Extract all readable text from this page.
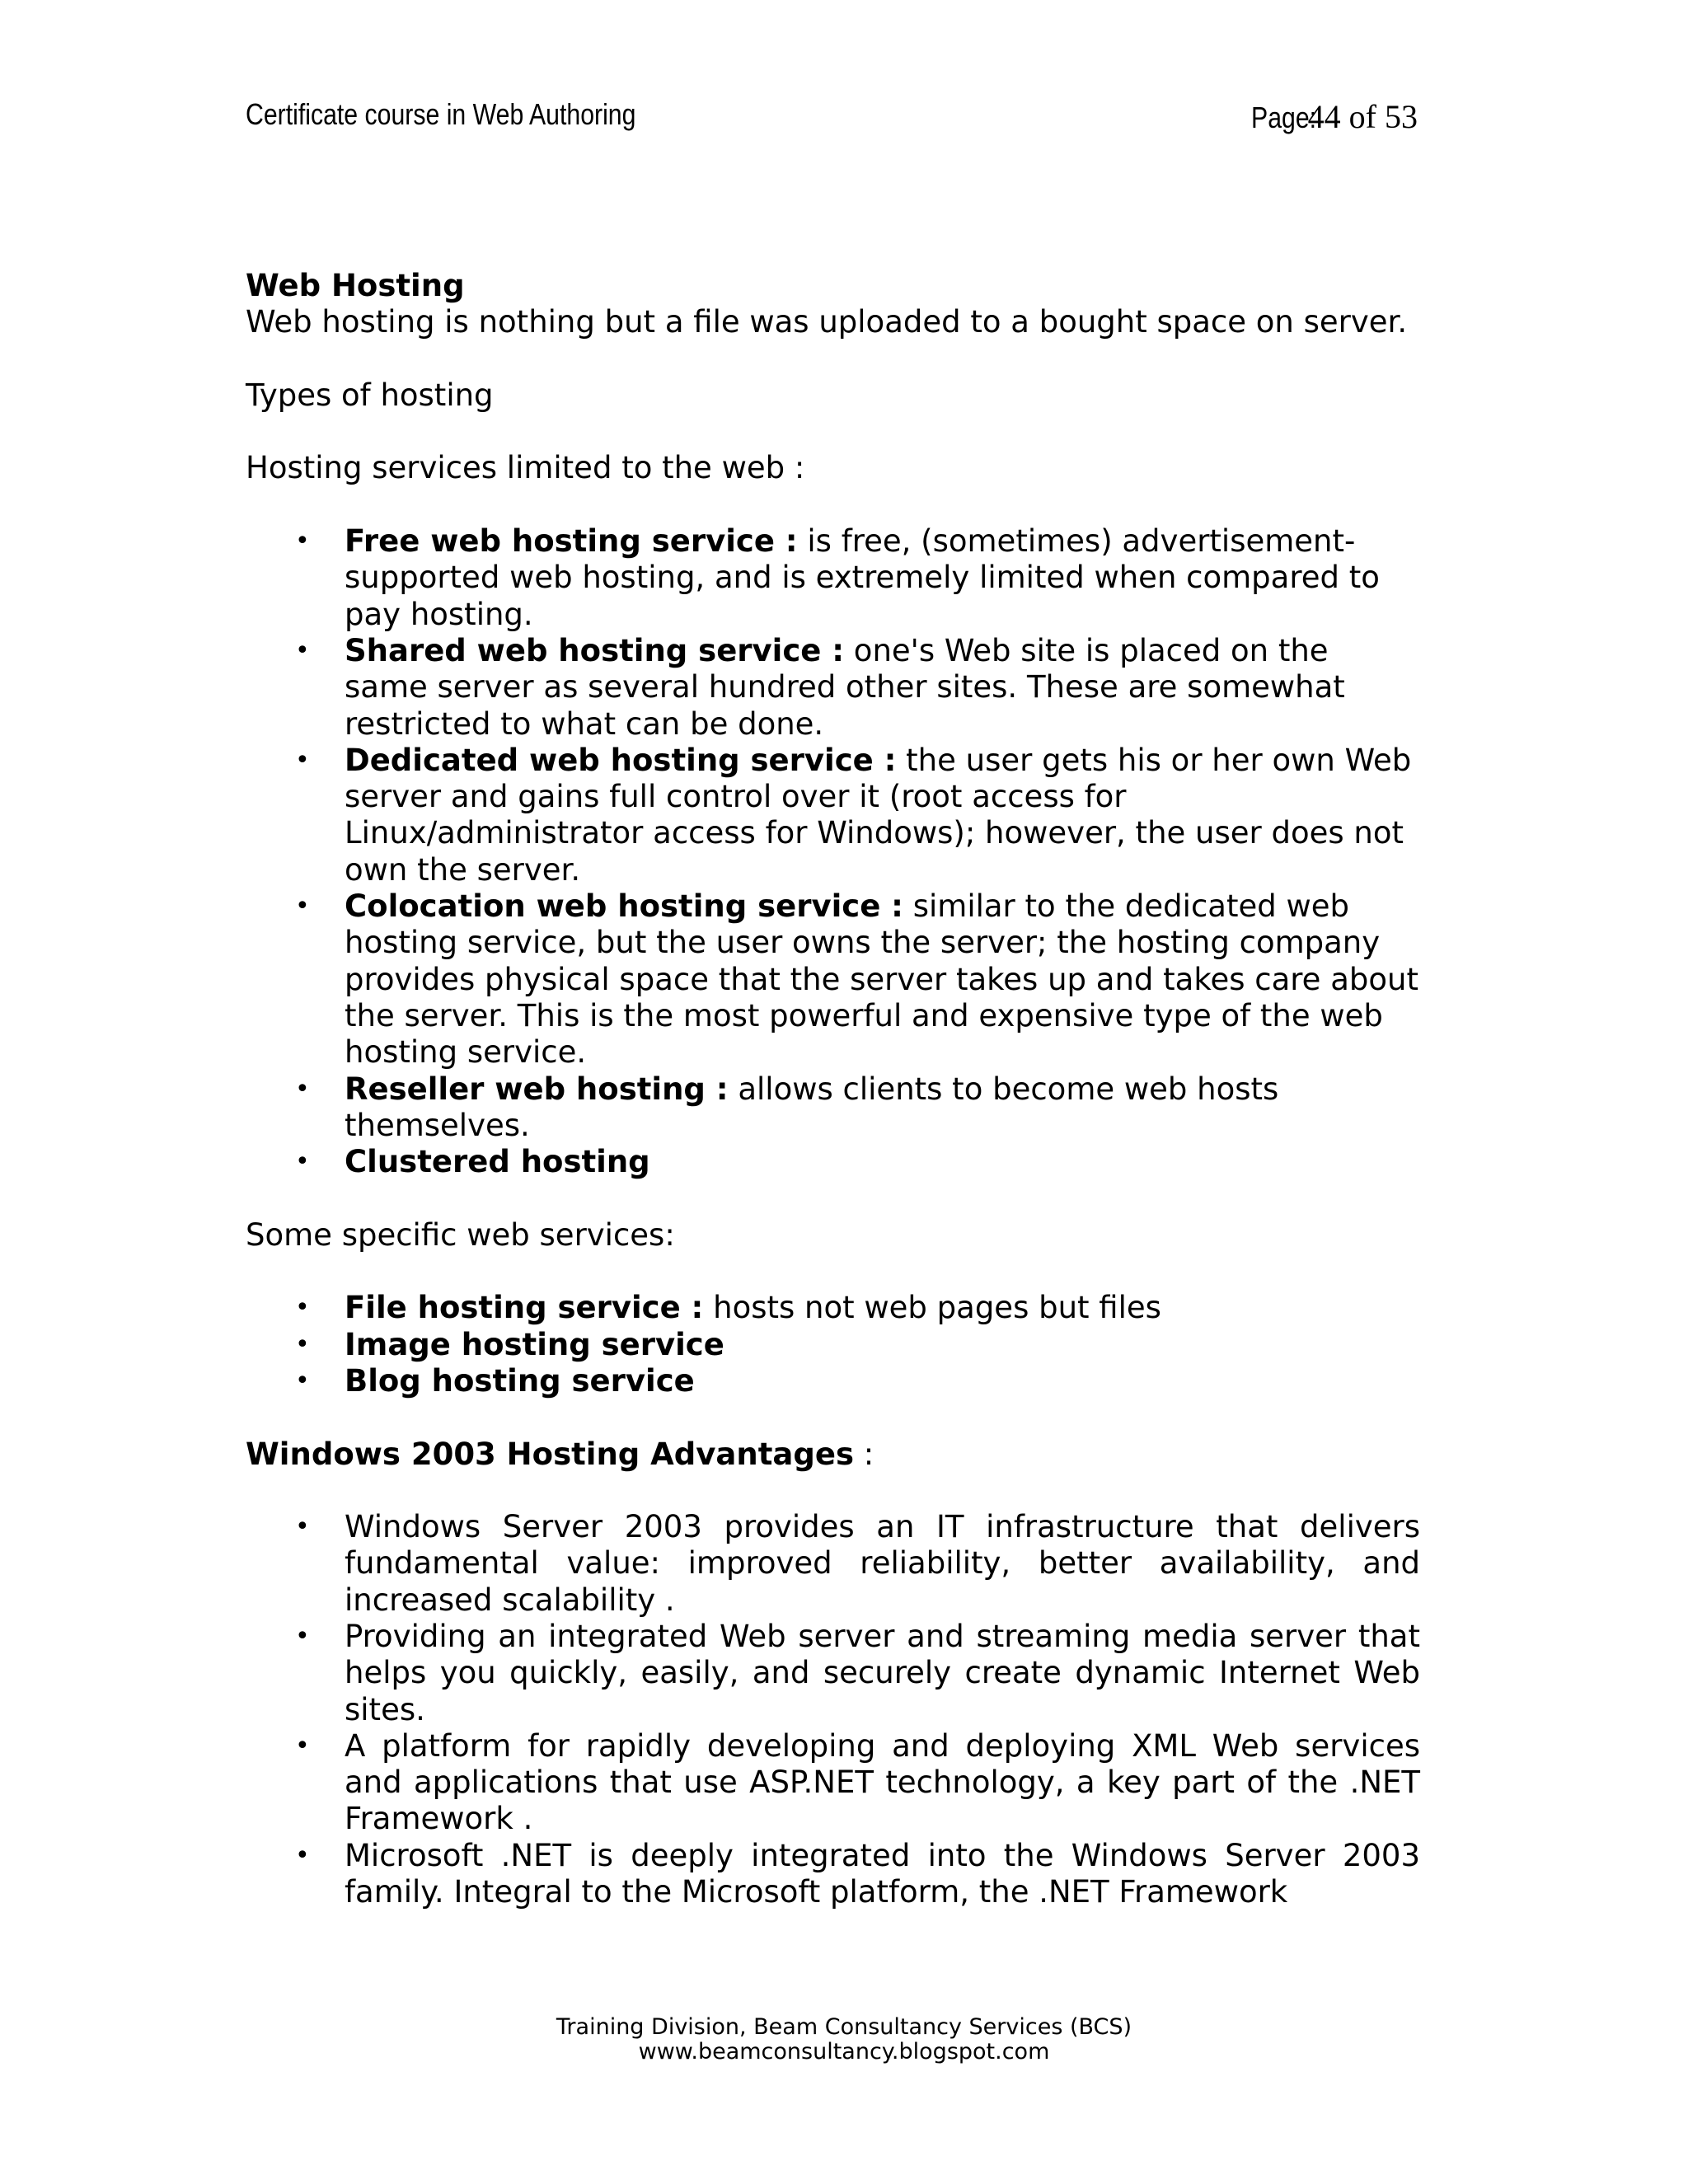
Certificate course in Web Authoring	Page:44 of 53

Web Hosting

Web hosting is nothing but a file was uploaded to a bought space on server.

Types of hosting

Hosting services limited to the web :

• Free web hosting service : is free, (sometimes) advertisement-supported web hosting, and is extremely limited when compared to pay hosting.
• Shared web hosting service : one's Web site is placed on the same server as several hundred other sites. These are somewhat restricted to what can be done.
• Dedicated web hosting service : the user gets his or her own Web server and gains full control over it (root access for Linux/administrator access for Windows); however, the user does not own the server.
• Colocation web hosting service : similar to the dedicated web hosting service, but the user owns the server; the hosting company provides physical space that the server takes up and takes care about the server. This is the most powerful and expensive type of the web hosting service.
• Reseller web hosting : allows clients to become web hosts themselves.
• Clustered hosting

Some specific web services:

• File hosting service : hosts not web pages but files
• Image hosting service
• Blog hosting service

Windows 2003 Hosting Advantages :

• Windows Server 2003 provides an IT infrastructure that delivers fundamental value: improved reliability, better availability, and increased scalability .
• Providing an integrated Web server and streaming media server that helps you quickly, easily, and securely create dynamic Internet Web sites.
• A platform for rapidly developing and deploying XML Web services and applications that use ASP.NET technology, a key part of the .NET Framework .
• Microsoft .NET is deeply integrated into the Windows Server 2003 family. Integral to the Microsoft platform, the .NET Framework
Training Division, Beam Consultancy Services (BCS)
www.beamconsultancy.blogspot.com
